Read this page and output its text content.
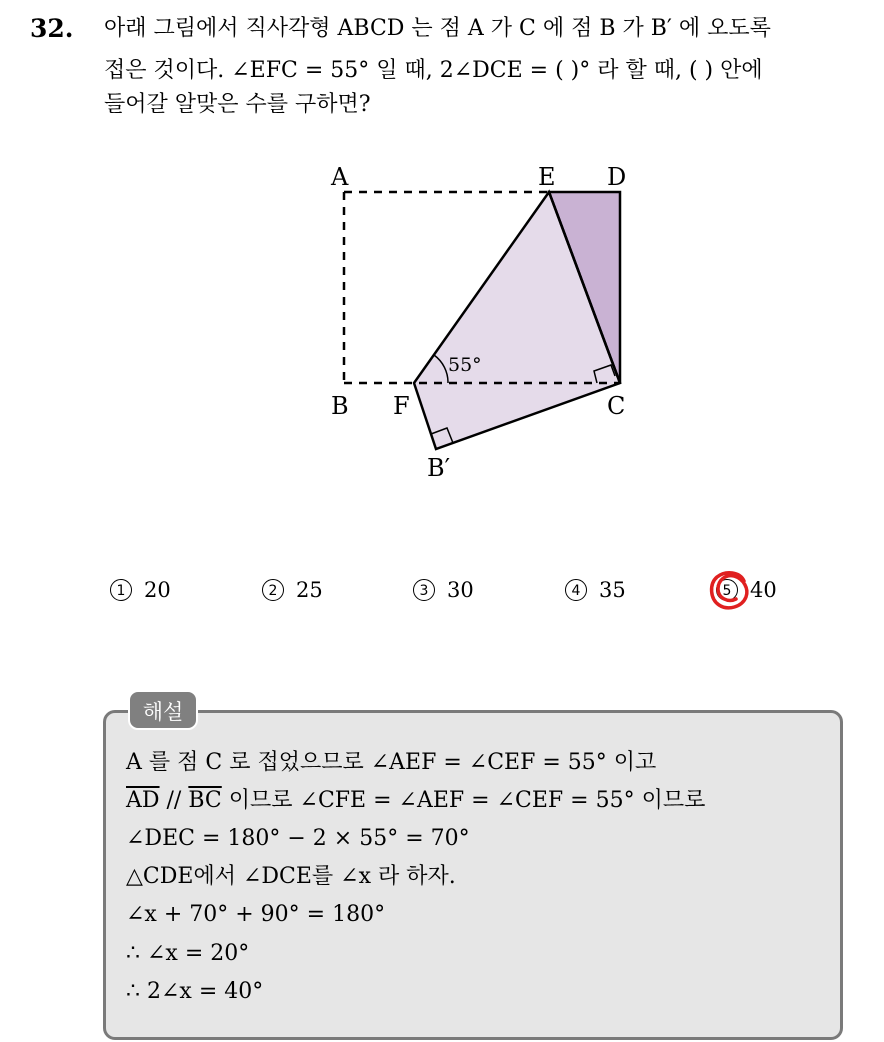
32. 아래 그림에서 직사각형 ABCD 는 점 A 가 C 에 점 B 가 B′ 에 오도록
접은 것이다. ∠EFC = 55° 일 때, 2∠DCE = ( )° 라 할 때, ( ) 안에
들어갈 알맞은 수를 구하면?
55°
A	E D
B F	C
B′
1 20	2 25	3 30	4 35	5 40
해설
A 를 점 C 로 접었으므로 ∠AEF = ∠CEF = 55° 이고
$\overline{AD} // \overline{BC}$ 이므로 ∠CFE = ∠AEF = ∠CEF = 55° 이므로
∠DEC = 180° − 2 × 55° = 70°
△CDE에서 ∠DCE를 ∠x 라 하자.
∠x + 70° + 90° = 180°
∴ ∠x = 20°
∴ 2∠x = 40°
